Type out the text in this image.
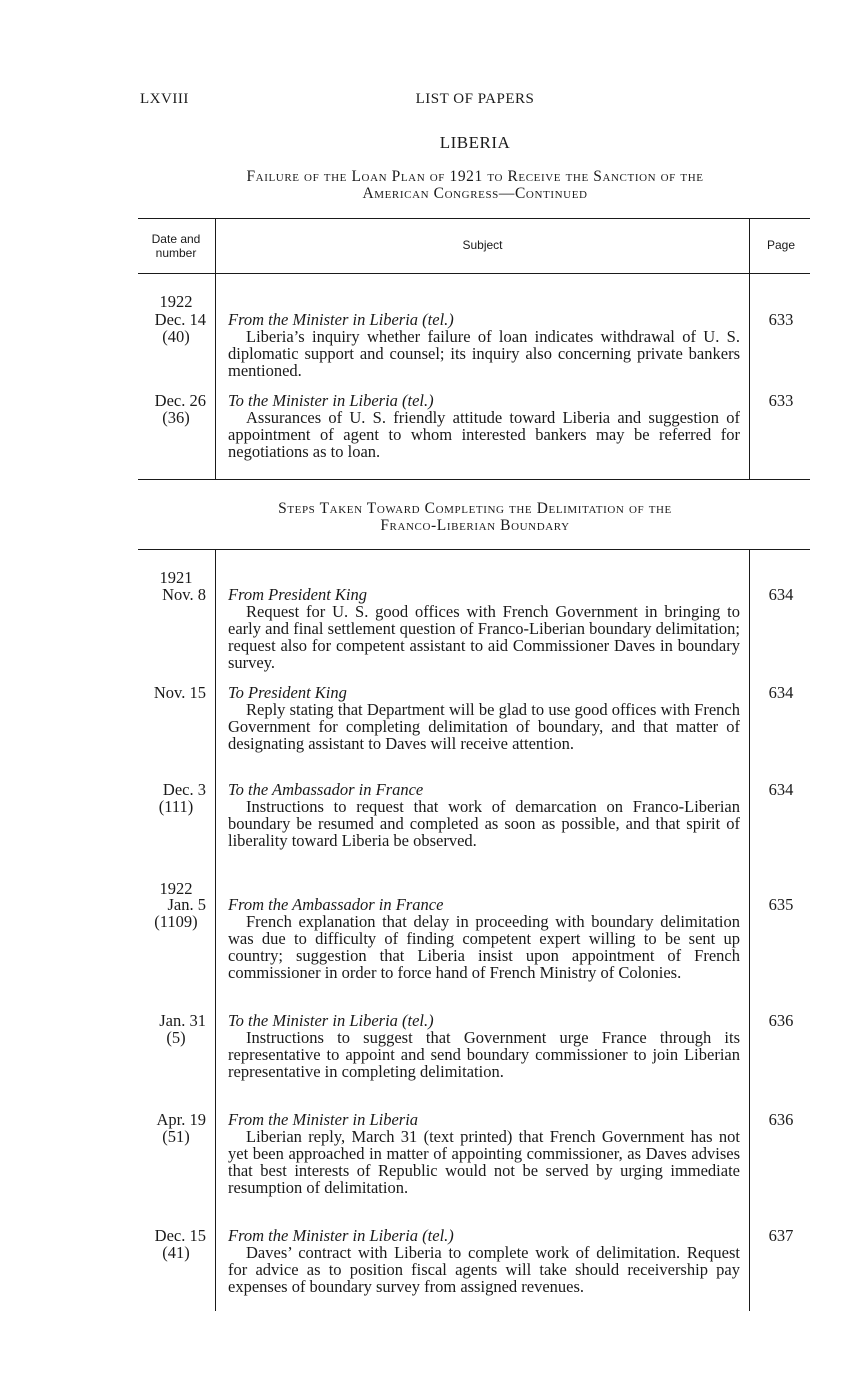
LXVIII	LIST OF PAPERS
LIBERIA
Failure of the Loan Plan of 1921 to Receive the Sanction of the
American Congress—Continued
Date and number
Subject	Page
1922
Dec. 14
(40)
From the Minister in Liberia (tel.)

Liberia’s inquiry whether failure of loan indicates withdrawal of U. S. diplomatic support and counsel; its inquiry also concerning private bankers mentioned.

633
Dec. 26
(36)
To the Minister in Liberia (tel.)

Assurances of U. S. friendly attitude toward Liberia and suggestion of appointment of agent to whom interested bankers may be referred for negotiations as to loan.

633
Steps Taken Toward Completing the Delimitation of the
Franco-Liberian Boundary
1921
1922
Nov. 8 From President King

Request for U. S. good offices with French Government in bringing to early and final settlement question of Franco-Liberian boundary delimitation; request also for competent assistant to aid Commissioner Daves in boundary survey.

634
Nov. 15 To President King

Reply stating that Department will be glad to use good offices with French Government for completing delimitation of boundary, and that matter of designating assistant to Daves will receive attention.

634
Dec. 3
(111)
To the Ambassador in France

Instructions to request that work of demarcation on Franco-Liberian boundary be resumed and completed as soon as possible, and that spirit of liberality toward Liberia be observed.

634
Jan. 5
(1109)
From the Ambassador in France

French explanation that delay in proceeding with boundary delimitation was due to difficulty of finding competent expert willing to be sent up country; suggestion that Liberia insist upon appointment of French commissioner in order to force hand of French Ministry of Colonies.

635
Jan. 31
(5)
To the Minister in Liberia (tel.)

Instructions to suggest that Government urge France through its representative to appoint and send boundary commissioner to join Liberian representative in completing delimitation.

636
Apr. 19
(51)
From the Minister in Liberia

Liberian reply, March 31 (text printed) that French Government has not yet been approached in matter of appointing commissioner, as Daves advises that best interests of Republic would not be served by urging immediate resumption of delimitation.

636
Dec. 15
(41)
From the Minister in Liberia (tel.)

Daves’ contract with Liberia to complete work of delimitation. Request for advice as to position fiscal agents will take should receivership pay expenses of boundary survey from assigned revenues.

637
